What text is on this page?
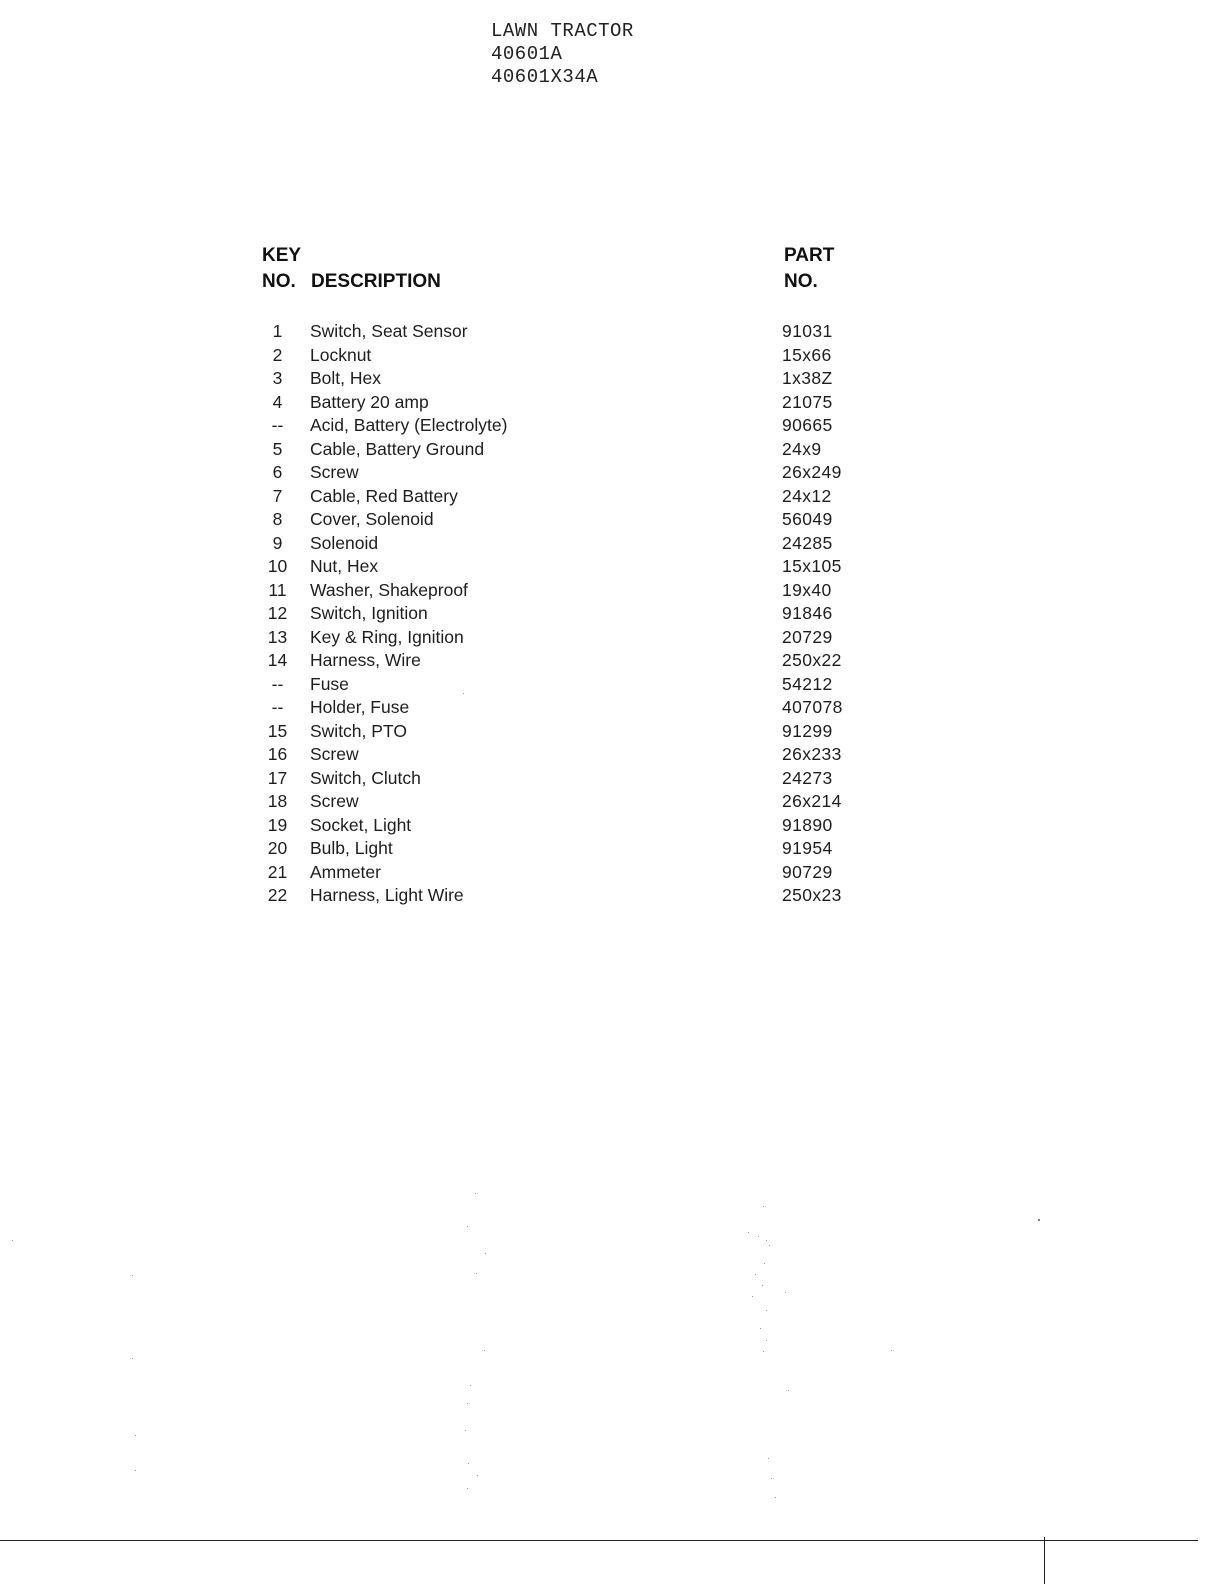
LAWN TRACTOR
40601A
40601X34A
KEY
NO. DESCRIPTION
PART
NO.
1	Switch, Seat Sensor	91031
2	Locknut	15x66
3	Bolt, Hex	1x38Z
4	Battery 20 amp	21075
--	Acid, Battery (Electrolyte)	90665
5	Cable, Battery Ground	24x9
6	Screw	26x249
7	Cable, Red Battery	24x12
8	Cover, Solenoid	56049
9	Solenoid	24285
10	Nut, Hex	15x105
11	Washer, Shakeproof	19x40
12	Switch, Ignition	91846
13	Key & Ring, Ignition	20729
14	Harness, Wire	250x22
--	Fuse	54212
--	Holder, Fuse	407078
15	Switch, PTO	91299
16	Screw	26x233
17	Switch, Clutch	24273
18	Screw	26x214
19	Socket, Light	91890
20	Bulb, Light	91954
21	Ammeter	90729
22	Harness, Light Wire	250x23
